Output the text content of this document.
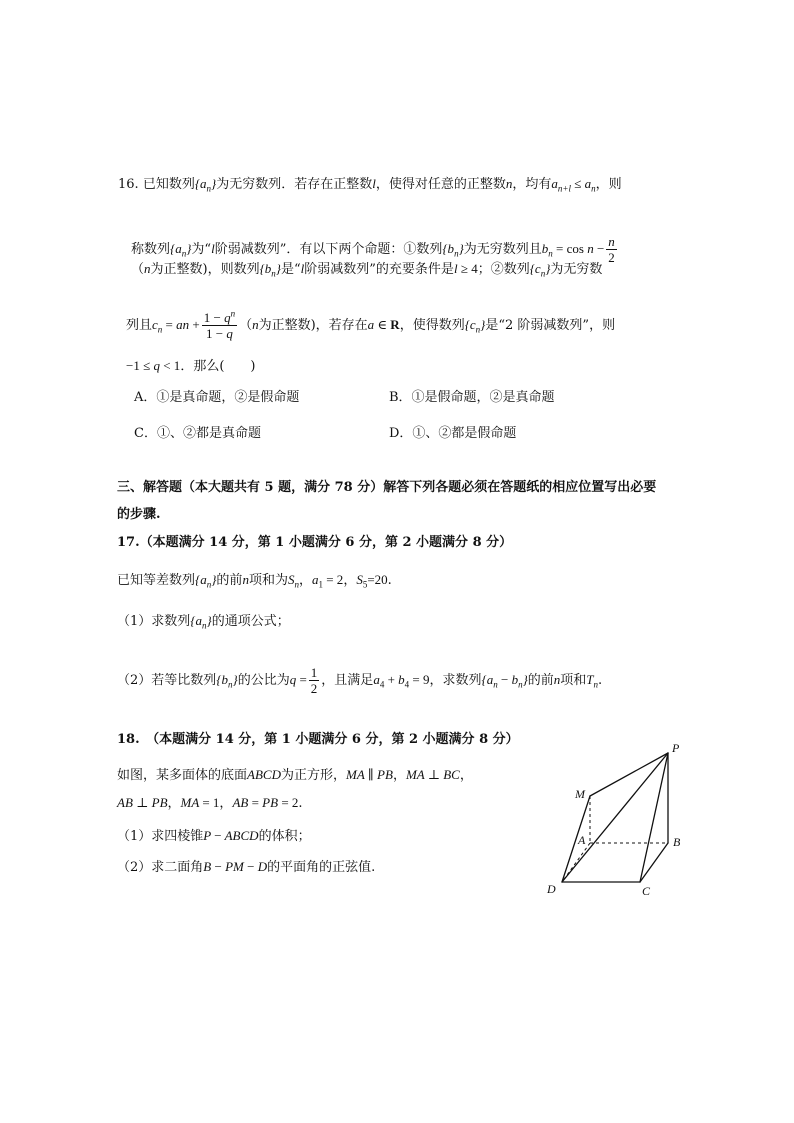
16. 已知数列$\{a_n\}$为无穷数列．若存在正整数l，使得对任意的正整数n，均有$a_{n+l} \le a_n$，则
称数列$\{a_n\}$为“l阶弱减数列”．有以下两个命题：①数列$\{b_n\}$为无穷数列且$b_n = \cos n - \frac{n}{2}$
（n为正整数)，则数列$\{b_n\}$是“l阶弱减数列”的充要条件是l ≥ 4；②数列$\{c_n\}$为无穷数
列且$c_n$ = an + $\frac{1 - q^n}{1 - q} (n$为正整数)，若存在a ∈ R，使得数列$\{c_n\}$是“2 阶弱减数列”，则
−1 ≤ q < 1．那么(　　)
A．①是真命题，②是假命题	B．①是假命题，②是真命题
C．①、②都是真命题	D．①、②都是假命题
三、解答题（本大题共有 5 题，满分 78 分）解答下列各题必须在答题纸的相应位置写出必要
的步骤.
17.（本题满分 14 分，第 1 小题满分 6 分，第 2 小题满分 8 分）
已知等差数列$\{a_n\}$的前n项和为$S_n$，$a_1 = 2$，$S_5=20$.
（1）求数列$\{a_n\}$的通项公式；
（2）若等比数列$\{b_n\}$的公比为$q = \frac{1}{2}$ ，且满足$a_4 + b_4 = 9$，求数列$\{a_n - b_n\}$的前n项和$T_n$.
18.　（本题满分 14 分，第 1 小题满分 6 分，第 2 小题满分 8 分）
如图，某多面体的底面ABCD为正方形，MA ∥ PB，MA ⊥ BC，
AB ⊥ PB，MA = 1，AB = PB = 2.
（1）求四棱锥P − ABCD的体积；
（2）求二面角B − PM − D的平面角的正弦值.
P
M
A	B
C
D
